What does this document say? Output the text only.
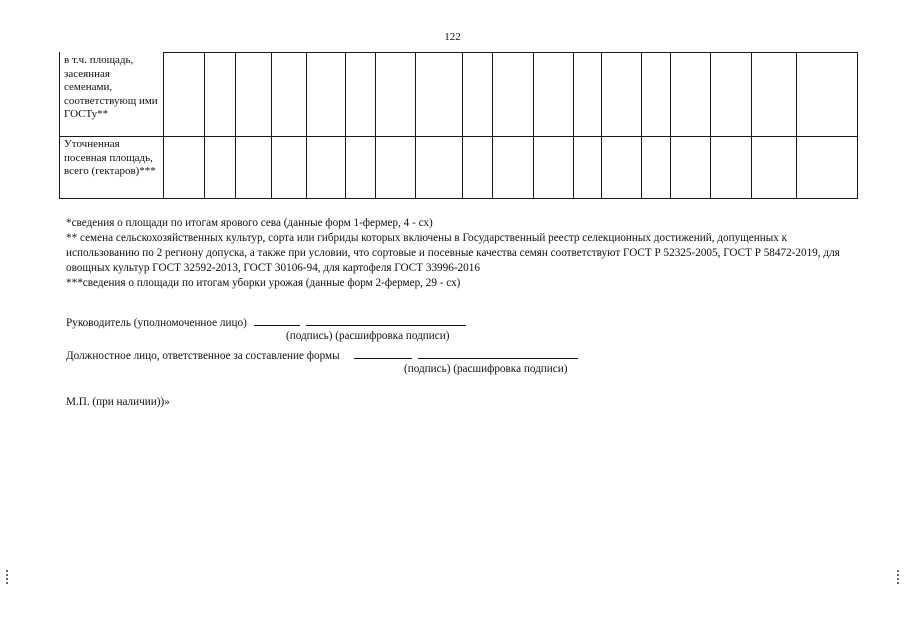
122
в т.ч. площадь, засеянная семенами, соответствующ ими ГОСТу**
Уточненная посевная площадь, всего (гектаров)***

*сведения о площади по итогам ярового сева (данные форм 1-фермер, 4 - сх)

** семена сельскохозяйственных культур, сорта или гибриды которых включены в Государственный реестр селекционных достижений, допущенных к использованию по 2 региону допуска, а также при условии, что сортовые и посевные качества семян соответствуют ГОСТ Р 52325-2005, ГОСТ Р 58472-2019, для овощных культур ГОСТ 32592-2013, ГОСТ 30106-94, для картофеля ГОСТ 33996-2016

***сведения о площади по итогам уборки урожая (данные форм 2-фермер, 29 - сх)

Руководитель (уполномоченное лицо)
(подпись) (расшифровка подписи)
Должностное лицо, ответственное за составление формы
(подпись) (расшифровка подписи)
М.П. (при наличии))»
